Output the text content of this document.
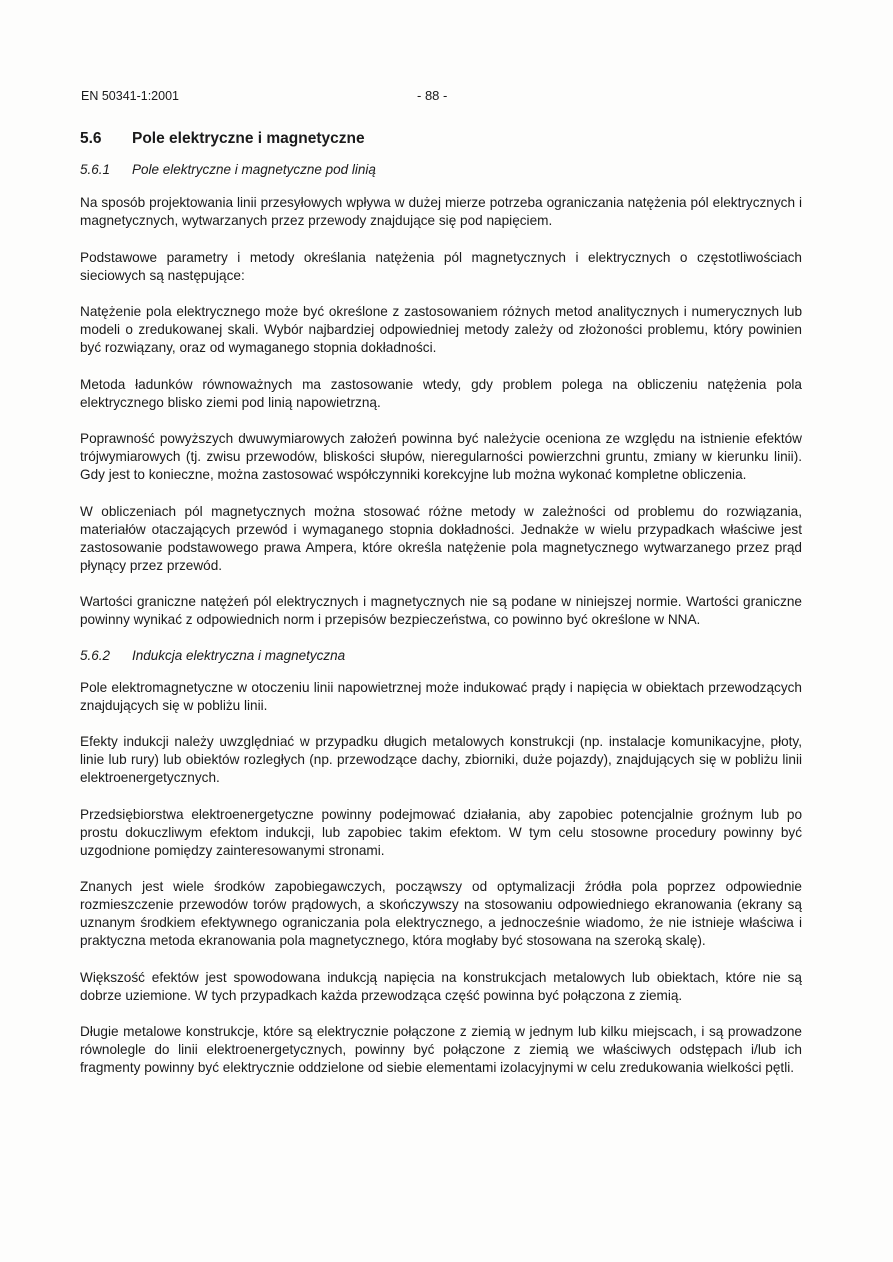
EN 50341-1:2001	- 88 -
5.6	Pole elektryczne i magnetyczne
5.6.1	Pole elektryczne i magnetyczne pod linią

Na sposób projektowania linii przesyłowych wpływa w dużej mierze potrzeba ograniczania natężenia pól elektrycznych i magnetycznych, wytwarzanych przez przewody znajdujące się pod napięciem.

Podstawowe parametry i metody określania natężenia pól magnetycznych i elektrycznych o częstotliwościach sieciowych są następujące:

Natężenie pola elektrycznego może być określone z zastosowaniem różnych metod analitycznych i numerycznych lub modeli o zredukowanej skali. Wybór najbardziej odpowiedniej metody zależy od złożoności problemu, który powinien być rozwiązany, oraz od wymaganego stopnia dokładności.

Metoda ładunków równoważnych ma zastosowanie wtedy, gdy problem polega na obliczeniu natężenia pola elektrycznego blisko ziemi pod linią napowietrzną.

Poprawność powyższych dwuwymiarowych założeń powinna być należycie oceniona ze względu na istnienie efektów trójwymiarowych (tj. zwisu przewodów, bliskości słupów, nieregularności powierzchni gruntu, zmiany w kierunku linii). Gdy jest to konieczne, można zastosować współczynniki korekcyjne lub można wykonać kompletne obliczenia.

W obliczeniach pól magnetycznych można stosować różne metody w zależności od problemu do rozwiązania, materiałów otaczających przewód i wymaganego stopnia dokładności. Jednakże w wielu przypadkach właściwe jest zastosowanie podstawowego prawa Ampera, które określa natężenie pola magnetycznego wytwarzanego przez prąd płynący przez przewód.

Wartości graniczne natężeń pól elektrycznych i magnetycznych nie są podane w niniejszej normie. Wartości graniczne powinny wynikać z odpowiednich norm i przepisów bezpieczeństwa, co powinno być określone w NNA.

5.6.2	Indukcja elektryczna i magnetyczna

Pole elektromagnetyczne w otoczeniu linii napowietrznej może indukować prądy i napięcia w obiektach przewodzących znajdujących się w pobliżu linii.

Efekty indukcji należy uwzględniać w przypadku długich metalowych konstrukcji (np. instalacje komunikacyjne, płoty, linie lub rury) lub obiektów rozległych (np. przewodzące dachy, zbiorniki, duże pojazdy), znajdujących się w pobliżu linii elektroenergetycznych.

Przedsiębiorstwa elektroenergetyczne powinny podejmować działania, aby zapobiec potencjalnie groźnym lub po prostu dokuczliwym efektom indukcji, lub zapobiec takim efektom. W tym celu stosowne procedury powinny być uzgodnione pomiędzy zainteresowanymi stronami.

Znanych jest wiele środków zapobiegawczych, począwszy od optymalizacji źródła pola poprzez odpowiednie rozmieszczenie przewodów torów prądowych, a skończywszy na stosowaniu odpowiedniego ekranowania (ekrany są uznanym środkiem efektywnego ograniczania pola elektrycznego, a jednocześnie wiadomo, że nie istnieje właściwa i praktyczna metoda ekranowania pola magnetycznego, która mogłaby być stosowana na szeroką skalę).

Większość efektów jest spowodowana indukcją napięcia na konstrukcjach metalowych lub obiektach, które nie są dobrze uziemione. W tych przypadkach każda przewodząca część powinna być połączona z ziemią.

Długie metalowe konstrukcje, które są elektrycznie połączone z ziemią w jednym lub kilku miejscach, i są prowadzone równolegle do linii elektroenergetycznych, powinny być połączone z ziemią we właściwych odstępach i/lub ich fragmenty powinny być elektrycznie oddzielone od siebie elementami izolacyjnymi w celu zredukowania wielkości pętli.
